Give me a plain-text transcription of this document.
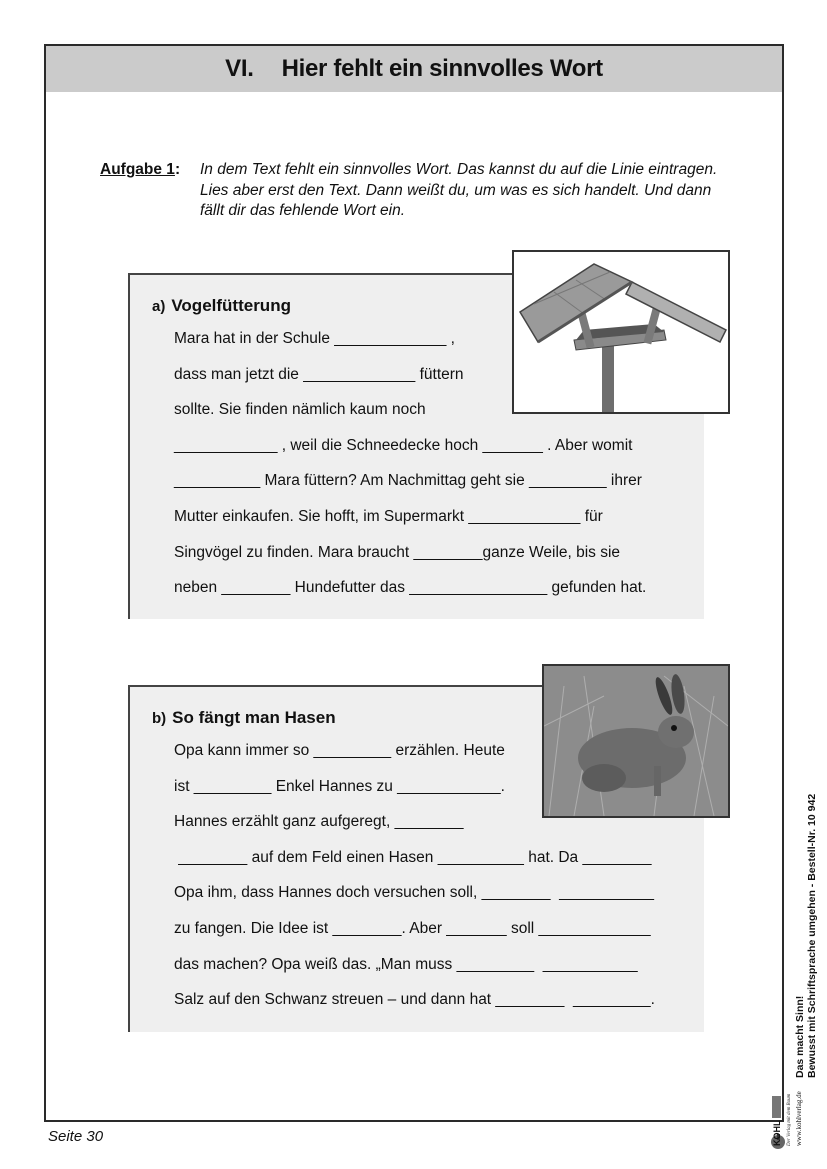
VI. Hier fehlt ein sinnvolles Wort
Aufgabe 1:	In dem Text fehlt ein sinnvolles Wort. Das kannst du auf die Linie eintragen. Lies aber erst den Text. Dann weißt du, um was es sich handelt. Und dann fällt dir das fehlende Wort ein.
a) Vogelfütterung
Mara hat in der Schule _____________ ,
dass man jetzt die _____________ füttern
sollte. Sie finden nämlich kaum noch
____________ , weil die Schneedecke hoch _______ . Aber womit
__________ Mara füttern? Am Nachmittag geht sie _________ ihrer
Mutter einkaufen. Sie hofft, im Supermarkt _____________ für
Singvögel zu finden. Mara braucht ________ganze Weile, bis sie
neben ________ Hundefutter das ________________ gefunden hat.
b) So fängt man Hasen
Opa kann immer so _________ erzählen. Heute
ist _________ Enkel Hannes zu ____________.
Hannes erzählt ganz aufgeregt, ________
________ auf dem Feld einen Hasen __________ hat. Da ________
Opa ihm, dass Hannes doch versuchen soll, ________  ___________
zu fangen. Die Idee ist ________. Aber _______ soll _____________
das machen? Opa weiß das. „Man muss _________  ___________
Salz auf den Schwanz streuen – und dann hat ________  _________.	Das macht Sinn! Bewusst mit Schriftsprache umgehen - Bestell-Nr. 10 942
KOHL Der Verlag mit dem Baum www.kohlverlag.de
Seite 30
